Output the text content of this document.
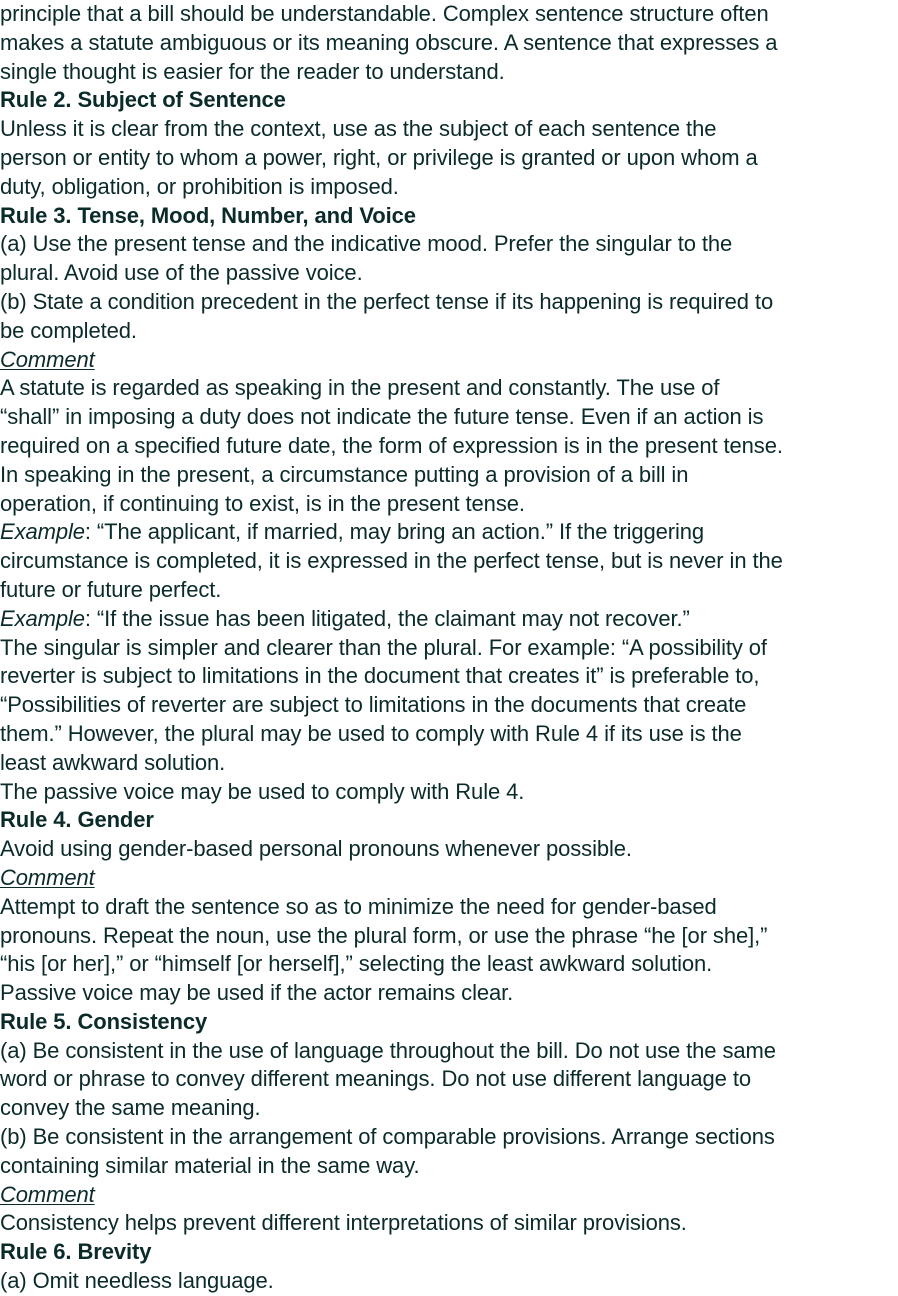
principle that a bill should be understandable. Complex sentence structure often
makes a statute ambiguous or its meaning obscure. A sentence that expresses a
single thought is easier for the reader to understand.
Rule 2. Subject of Sentence
Unless it is clear from the context, use as the subject of each sentence the
person or entity to whom a power, right, or privilege is granted or upon whom a
duty, obligation, or prohibition is imposed.
Rule 3. Tense, Mood, Number, and Voice
(a) Use the present tense and the indicative mood. Prefer the singular to the
plural. Avoid use of the passive voice.
(b) State a condition precedent in the perfect tense if its happening is required to
be completed.
Comment
A statute is regarded as speaking in the present and constantly. The use of
“shall” in imposing a duty does not indicate the future tense. Even if an action is
required on a specified future date, the form of expression is in the present tense.
In speaking in the present, a circumstance putting a provision of a bill in
operation, if continuing to exist, is in the present tense.
Example: “The applicant, if married, may bring an action.” If the triggering
circumstance is completed, it is expressed in the perfect tense, but is never in the
future or future perfect.
Example: “If the issue has been litigated, the claimant may not recover.”
The singular is simpler and clearer than the plural. For example: “A possibility of
reverter is subject to limitations in the document that creates it” is preferable to,
“Possibilities of reverter are subject to limitations in the documents that create
them.” However, the plural may be used to comply with Rule 4 if its use is the
least awkward solution.
The passive voice may be used to comply with Rule 4.
Rule 4. Gender
Avoid using gender-based personal pronouns whenever possible.
Comment
Attempt to draft the sentence so as to minimize the need for gender-based
pronouns. Repeat the noun, use the plural form, or use the phrase “he [or she],”
“his [or her],” or “himself [or herself],” selecting the least awkward solution.
Passive voice may be used if the actor remains clear.
Rule 5. Consistency
(a) Be consistent in the use of language throughout the bill. Do not use the same
word or phrase to convey different meanings. Do not use different language to
convey the same meaning.
(b) Be consistent in the arrangement of comparable provisions. Arrange sections
containing similar material in the same way.
Comment
Consistency helps prevent different interpretations of similar provisions.
Rule 6. Brevity
(a) Omit needless language.
